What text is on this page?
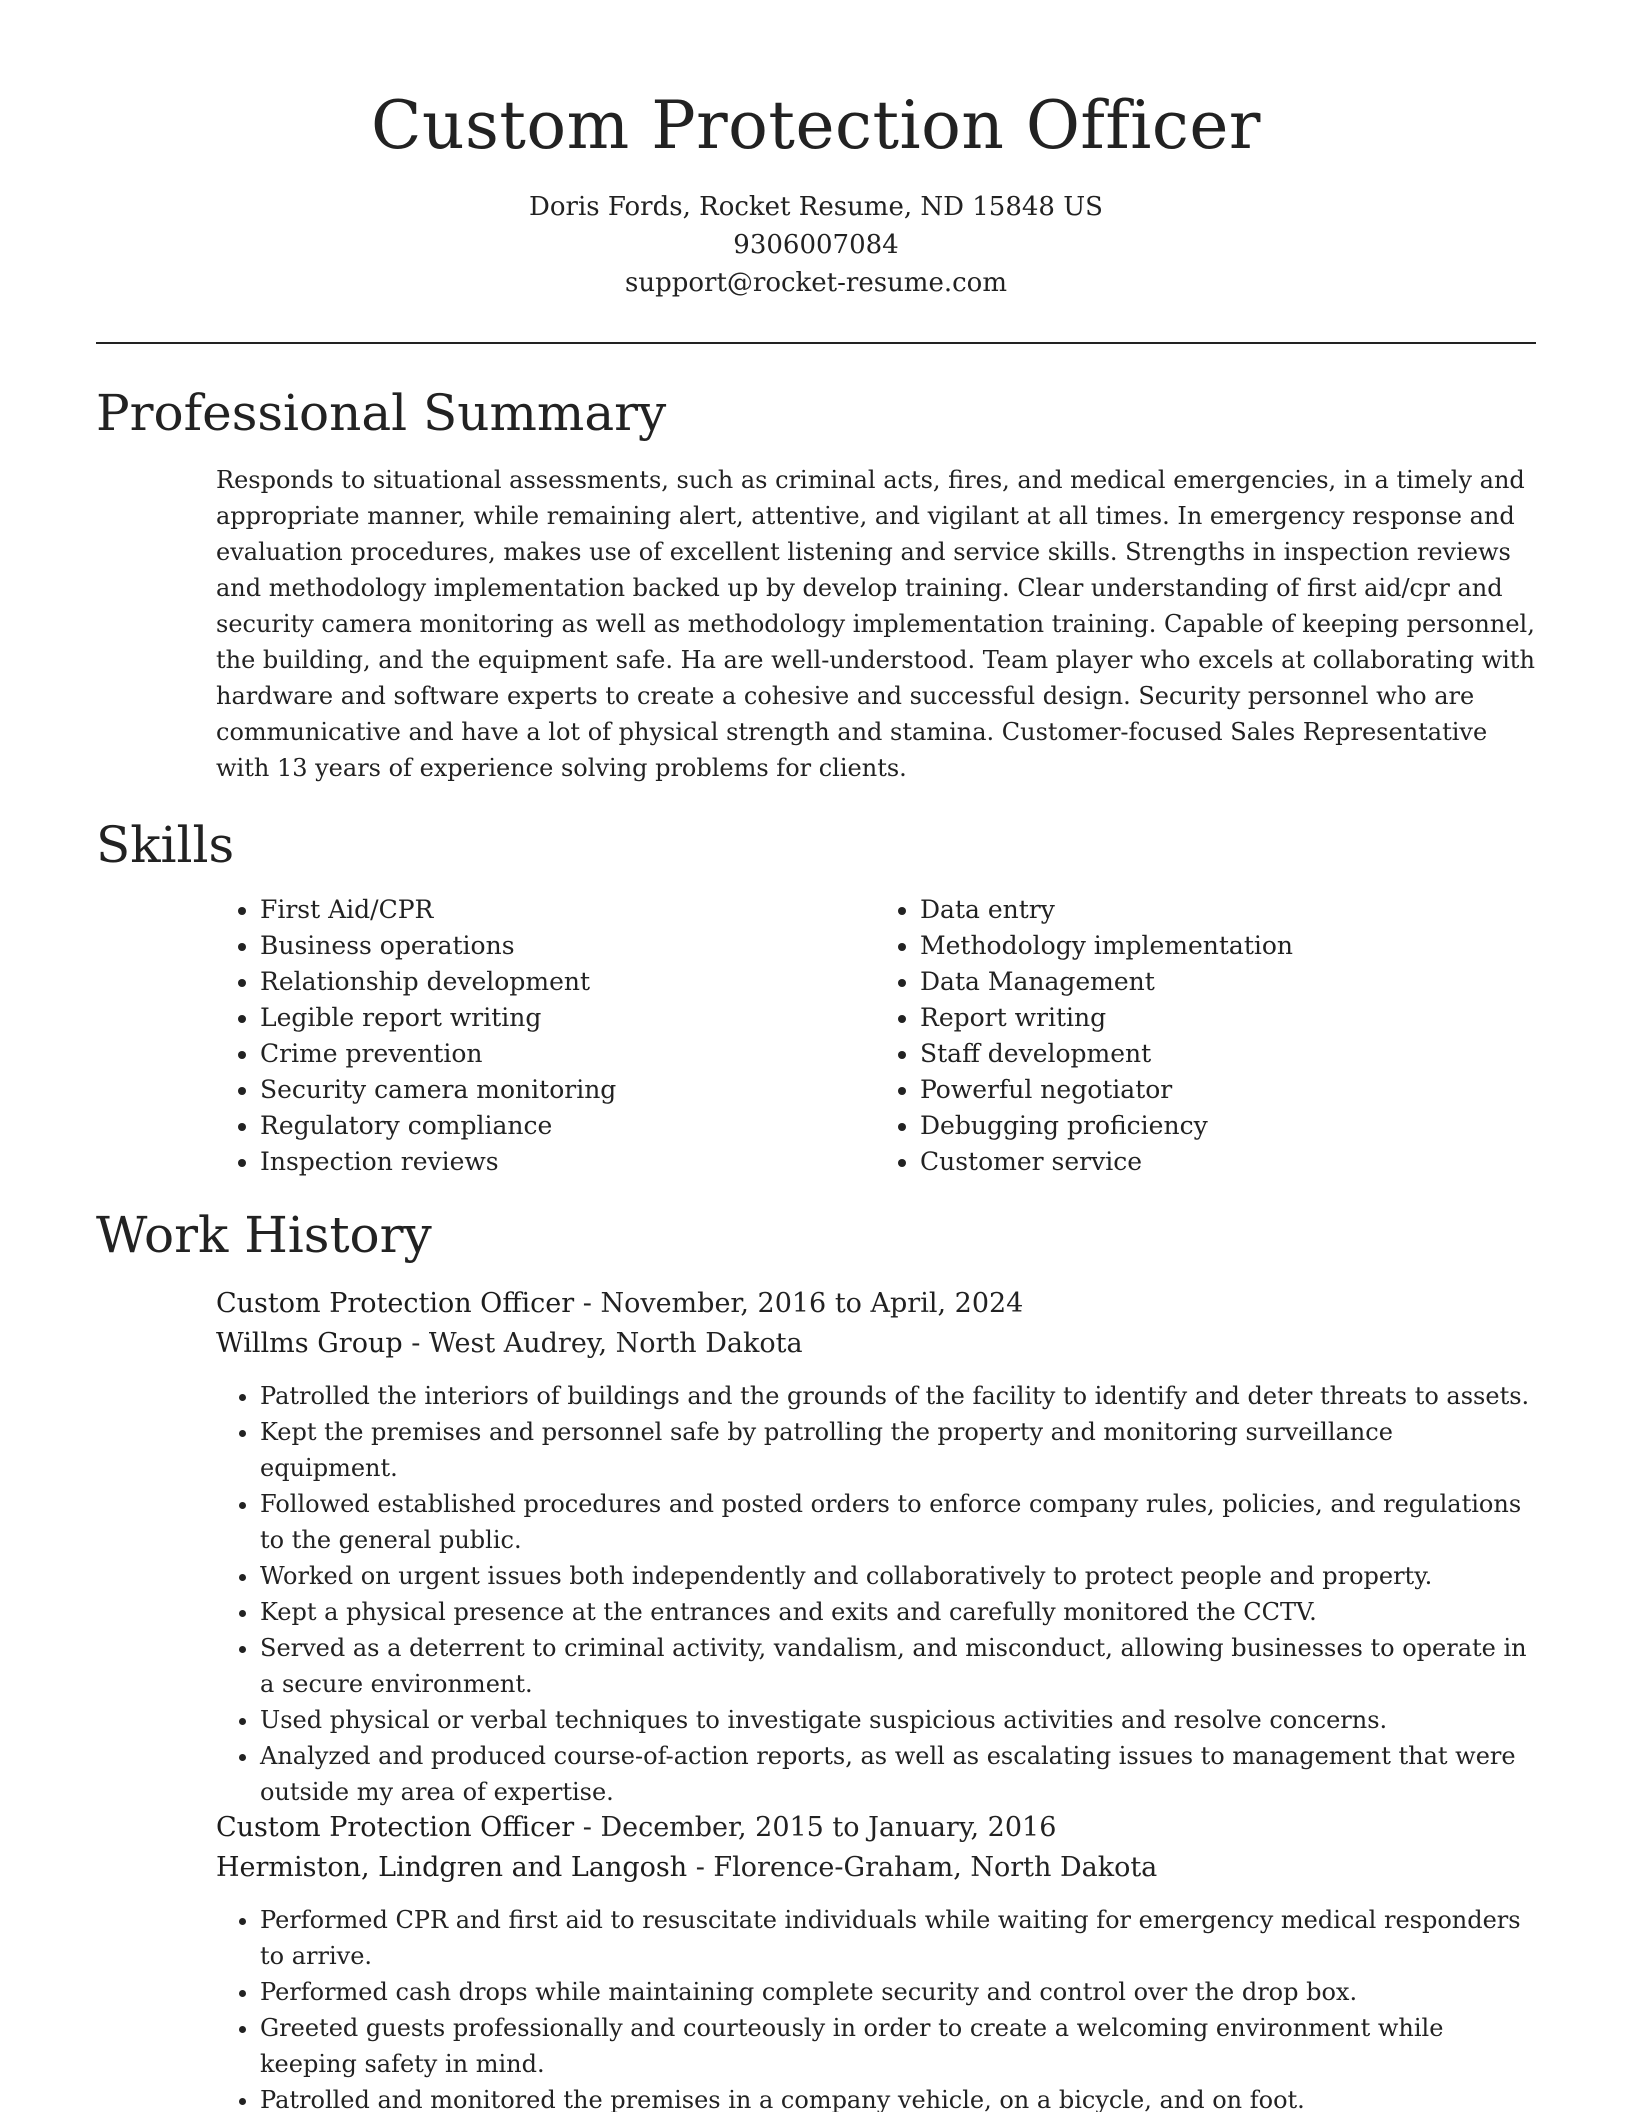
Custom Protection Officer
Doris Fords, Rocket Resume, ND 15848 US
9306007084
support@rocket-resume.com
Professional Summary

Responds to situational assessments, such as criminal acts, fires, and medical emergencies, in a timely and appropriate manner, while remaining alert, attentive, and vigilant at all times. In emergency response and evaluation procedures, makes use of excellent listening and service skills. Strengths in inspection reviews and methodology implementation backed up by develop training. Clear understanding of first aid/cpr and security camera monitoring as well as methodology implementation training. Capable of keeping personnel, the building, and the equipment safe. Ha are well-understood. Team player who excels at collaborating with hardware and software experts to create a cohesive and successful design. Security personnel who are communicative and have a lot of physical strength and stamina. Customer-focused Sales Representative with 13 years of experience solving problems for clients.

Skills
• First Aid/CPR
• Business operations
• Relationship development
• Legible report writing
• Crime prevention
• Security camera monitoring
• Regulatory compliance
• Inspection reviews
• Data entry
• Methodology implementation
• Data Management
• Report writing
• Staff development
• Powerful negotiator
• Debugging proficiency
• Customer service
Work History
Custom Protection Officer - November, 2016 to April, 2024
Willms Group - West Audrey, North Dakota
• Patrolled the interiors of buildings and the grounds of the facility to identify and deter threats to assets.
• Kept the premises and personnel safe by patrolling the property and monitoring surveillance equipment.
• Followed established procedures and posted orders to enforce company rules, policies, and regulations to the general public.
• Worked on urgent issues both independently and collaboratively to protect people and property.
• Kept a physical presence at the entrances and exits and carefully monitored the CCTV.
• Served as a deterrent to criminal activity, vandalism, and misconduct, allowing businesses to operate in a secure environment.
• Used physical or verbal techniques to investigate suspicious activities and resolve concerns.
• Analyzed and produced course-of-action reports, as well as escalating issues to management that were outside my area of expertise.
Custom Protection Officer - December, 2015 to January, 2016
Hermiston, Lindgren and Langosh - Florence-Graham, North Dakota
• Performed CPR and first aid to resuscitate individuals while waiting for emergency medical responders to arrive.
• Performed cash drops while maintaining complete security and control over the drop box.
• Greeted guests professionally and courteously in order to create a welcoming environment while keeping safety in mind.
• Patrolled and monitored the premises in a company vehicle, on a bicycle, and on foot.
